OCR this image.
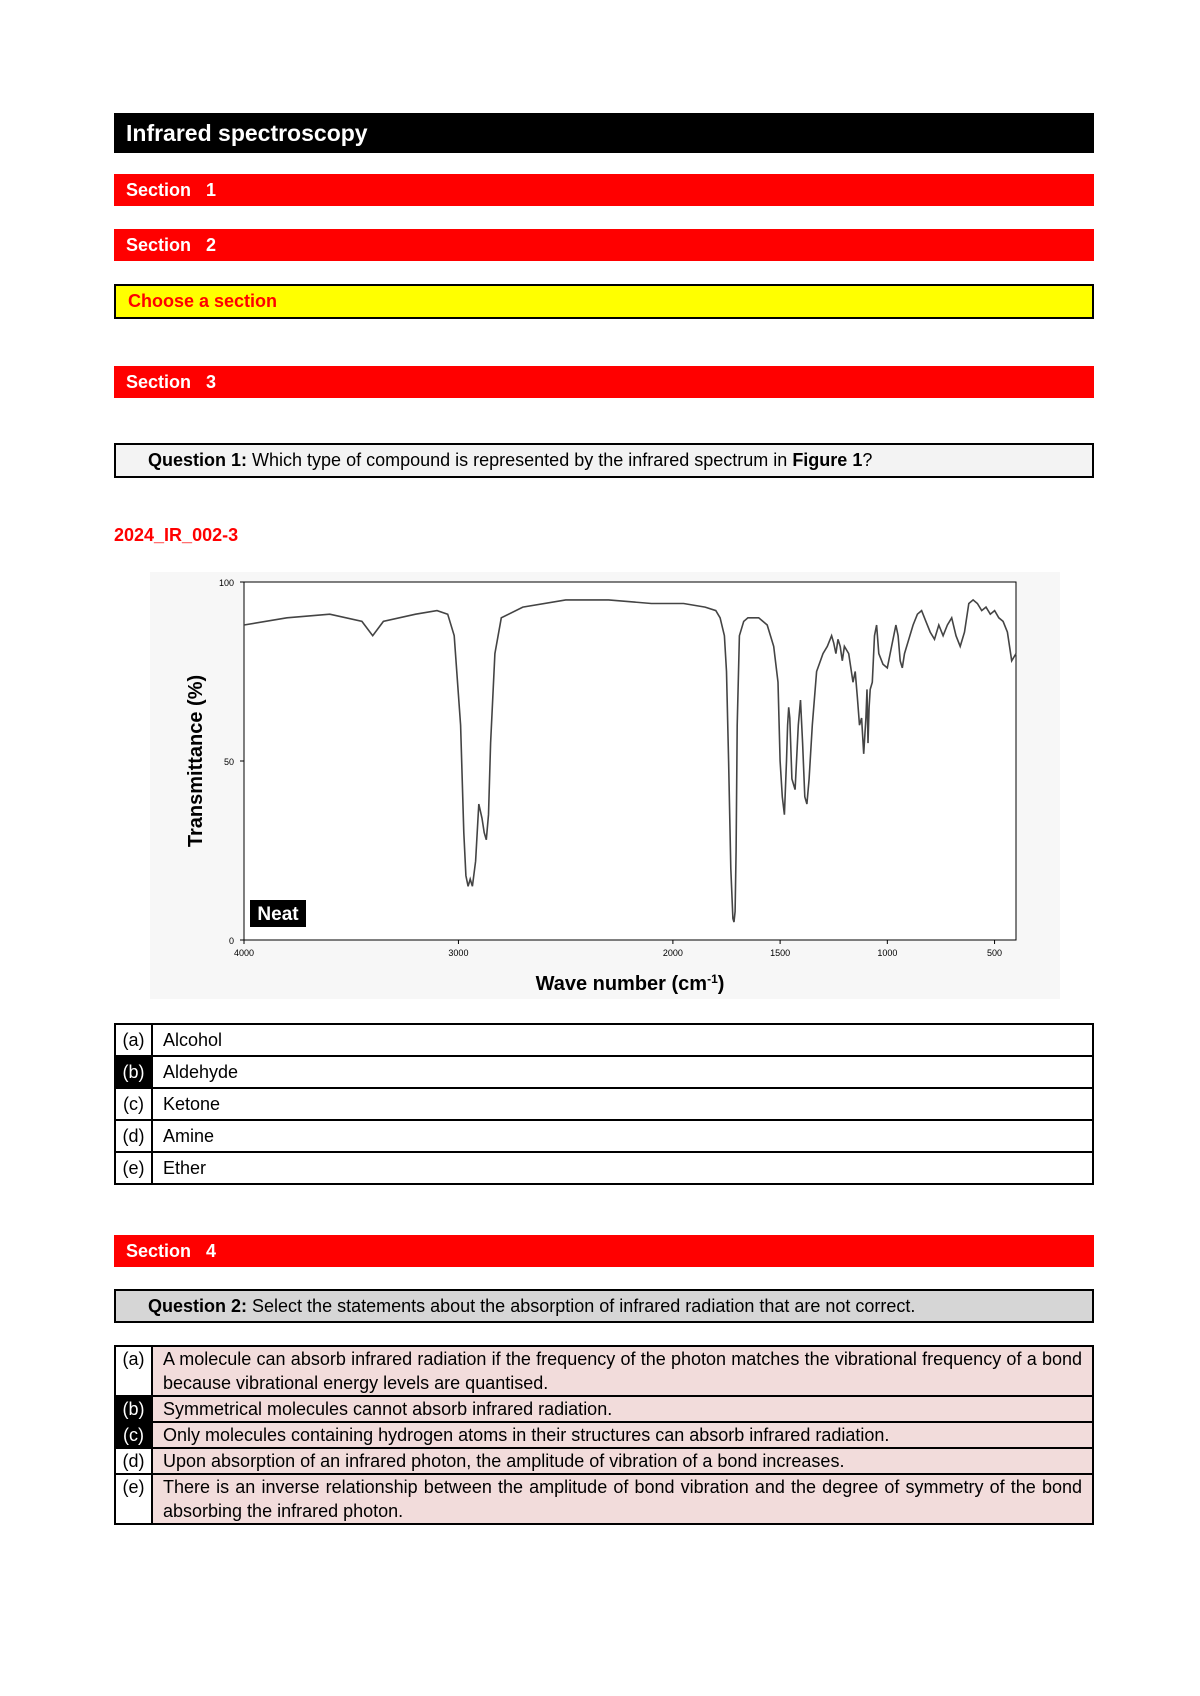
Infrared spectroscopy
Section   1
Section   2
Choose a section
Section   3

Question 1: Which type of compound is represented by the infrared spectrum in Figure 1?

2024_IR_002-3
0
50
100
4000	3000	2000	1500	1000	500
Neat
Transmittance (%)
Wave number $(cm^{-1})$
(a)	Alcohol
(b)	Aldehyde
(c)	Ketone
(d)	Amine
(e)	Ether
Section   4

Question 2: Select the statements about the absorption of infrared radiation that are not correct.

(a)	A molecule can absorb infrared radiation if the frequency of the photon matches the vibrational frequency of a bond because vibrational energy levels are quantised.
(b)	Symmetrical molecules cannot absorb infrared radiation.
(c)	Only molecules containing hydrogen atoms in their structures can absorb infrared radiation.
(d)	Upon absorption of an infrared photon, the amplitude of vibration of a bond increases.
(e)	There is an inverse relationship between the amplitude of bond vibration and the degree of symmetry of the bond absorbing the infrared photon.
